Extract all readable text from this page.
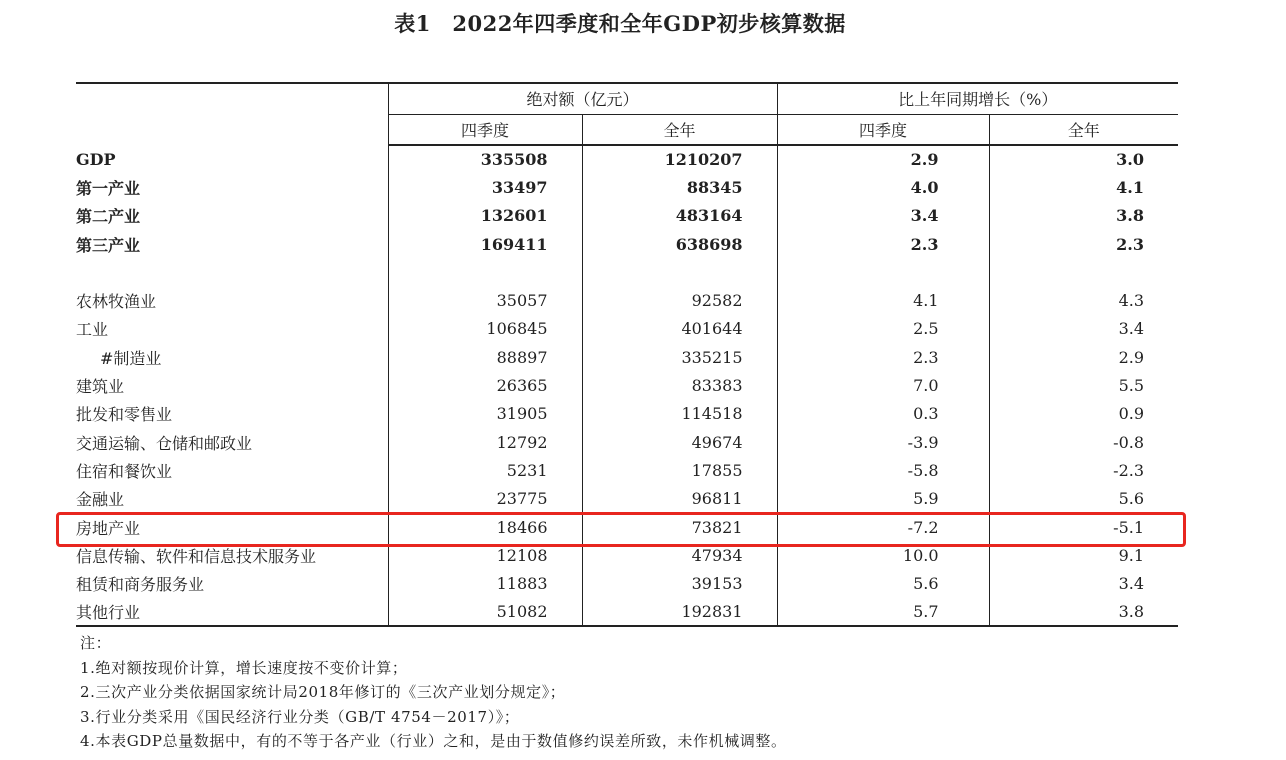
表1　2022年四季度和全年GDP初步核算数据
	绝对额（亿元）		比上年同期增长（%）	
	四季度	全年	四季度	全年
GDP	335508	1210207	2.9	3.0
第一产业	33497	88345	4.0	4.1
第二产业	132601	483164	3.4	3.8
第三产业	169411	638698	2.3	2.3

农林牧渔业	35057	92582	4.1	4.3
工业	106845	401644	2.5	3.4
#制造业	88897	335215	2.3	2.9
建筑业	26365	83383	7.0	5.5
批发和零售业	31905	114518	0.3	0.9
交通运输、仓储和邮政业	12792	49674	-3.9	-0.8
住宿和餐饮业	5231	17855	-5.8	-2.3
金融业	23775	96811	5.9	5.6
房地产业	18466	73821	-7.2	-5.1
信息传输、软件和信息技术服务业	12108	47934	10.0	9.1
租赁和商务服务业	11883	39153	5.6	3.4
其他行业	51082	192831	5.7	3.8
注：
1.绝对额按现价计算，增长速度按不变价计算；
2.三次产业分类依据国家统计局2018年修订的《三次产业划分规定》；
3.行业分类采用《国民经济行业分类（GB/T 4754－2017）》；
4.本表GDP总量数据中，有的不等于各产业（行业）之和，是由于数值修约误差所致，未作机械调整。
